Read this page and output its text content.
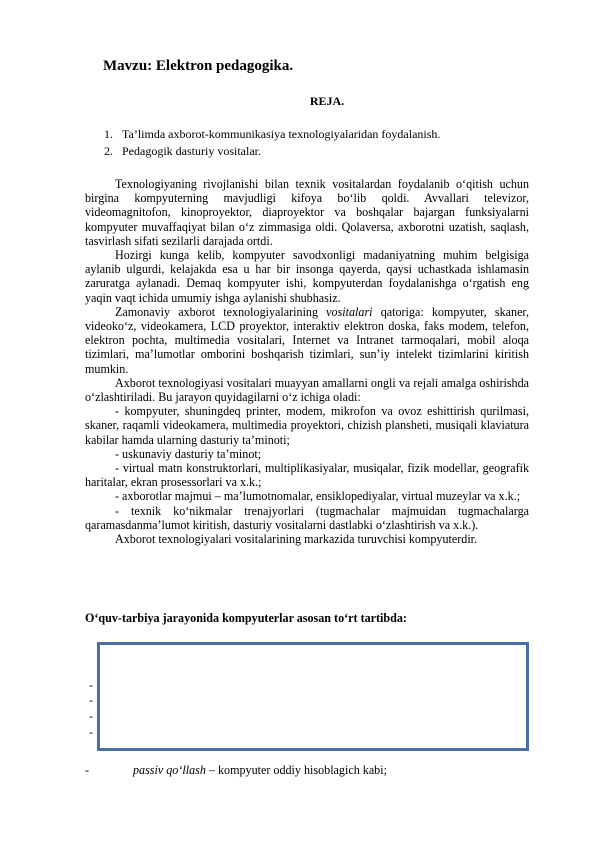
Mavzu: Elektron pedagogika.
REJA.
1. Ta’limda axborot-kommunikasiya texnologiyalaridan foydalanish.
2. Pedagogik dasturiy vositalar.

Texnologiyaning rivojlanishi bilan texnik vositalardan foydalanib o‘qitish uchun birgina kompyuterning mavjudligi kifoya bo‘lib qoldi. Avvallari televizor, videomagnitofon, kinoproyektor, diaproyektor va boshqalar bajargan funksiyalarni kompyuter muvaffaqiyat bilan o‘z zimmasiga oldi. Qolaversa, axborotni uzatish, saqlash, tasvirlash sifati sezilarli darajada ortdi.

Hozirgi kunga kelib, kompyuter savodxonligi madaniyatning muhim belgisiga aylanib ulgurdi, kelajakda esa u har bir insonga qayerda, qaysi uchastkada ishlamasin zaruratga aylanadi. Demaq kompyuter ishi, kompyuterdan foydalanishga o‘rgatish eng yaqin vaqt ichida umumiy ishga aylanishi shubhasiz.

Zamonaviy axborot texnologiyalarining vositalari qatoriga: kompyuter, skaner, videoko‘z, videokamera, LCD proyektor, interaktiv elektron doska, faks modem, telefon, elektron pochta, multimedia vositalari, Internet va Intranet tarmoqalari, mobil aloqa tizimlari, ma’lumotlar omborini boshqarish tizimlari, sun’iy intelekt tizimlarini kiritish mumkin.

Axborot texnologiyasi vositalari muayyan amallarni ongli va rejali amalga oshirishda o‘zlashtiriladi. Bu jarayon quyidagilarni o‘z ichiga oladi:

- kompyuter, shuningdeq printer, modem, mikrofon va ovoz eshittirish qurilmasi, skaner, raqamli videokamera, multimedia proyektori, chizish plansheti, musiqali klaviatura kabilar hamda ularning dasturiy ta’minoti;

- uskunaviy dasturiy ta’minot;

- virtual matn konstruktorlari, multiplikasiyalar, musiqalar, fizik modellar, geografik haritalar, ekran prosessorlari va x.k.;

- axborotlar majmui – ma’lumotnomalar, ensiklopediyalar, virtual muzeylar va x.k.;

- texnik ko‘nikmalar trenajyorlari (tugmachalar majmuidan tugmachalarga qaramasdanma’lumot kiritish, dasturiy vositalarni dastlabki o‘zlashtirish va x.k.).

Axborot texnologiyalari vositalarining markazida turuvchisi kompyuterdir.

O‘quv-tarbiya jarayonida kompyuterlar asosan to‘rt tartibda:
-
-
-
-
-	passiv qo‘llash – kompyuter oddiy hisoblagich kabi;
